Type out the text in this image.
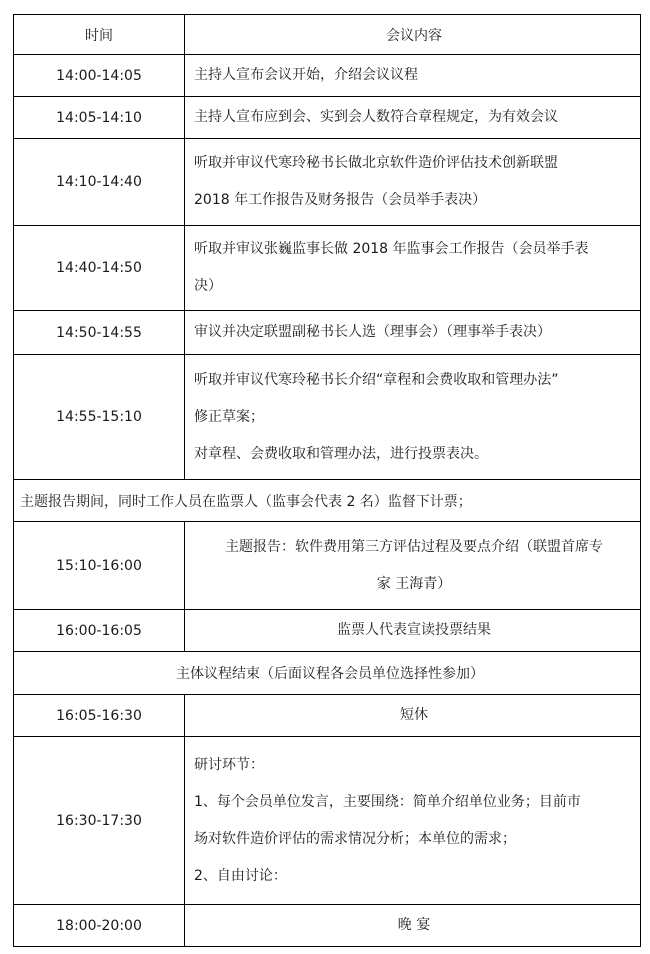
时间	会议内容
14:00-14:05	主持人宣布会议开始，介绍会议议程

14:05-14:10	主持人宣布应到会、实到会人数符合章程规定，为有效会议

14:10-14:40	听取并审议代寒玲秘书长做北京软件造价评估技术创新联盟
2018 年工作报告及财务报告（会员举手表决）

14:40-14:50	听取并审议张巍监事长做 2018 年监事会工作报告（会员举手表
决）

14:50-14:55	审议并决定联盟副秘书长人选（理事会）（理事举手表决）

14:55-15:10	听取并审议代寒玲秘书长介绍“章程和会费收取和管理办法”
修正草案；
对章程、会费收取和管理办法，进行投票表决。

主题报告期间，同时工作人员在监票人（监事会代表 2 名）监督下计票；	
15:10-16:00	主题报告：软件费用第三方评估过程及要点介绍（联盟首席专
家 王海青）

16:00-16:05	监票人代表宣读投票结果

主体议程结束（后面议程各会员单位选择性参加）	
16:05-16:30	短休

16:30-17:30	研讨环节：
1、每个会员单位发言，主要围绕：简单介绍单位业务；目前市
场对软件造价评估的需求情况分析；本单位的需求；
2、自由讨论：

18:00-20:00	晚 宴
